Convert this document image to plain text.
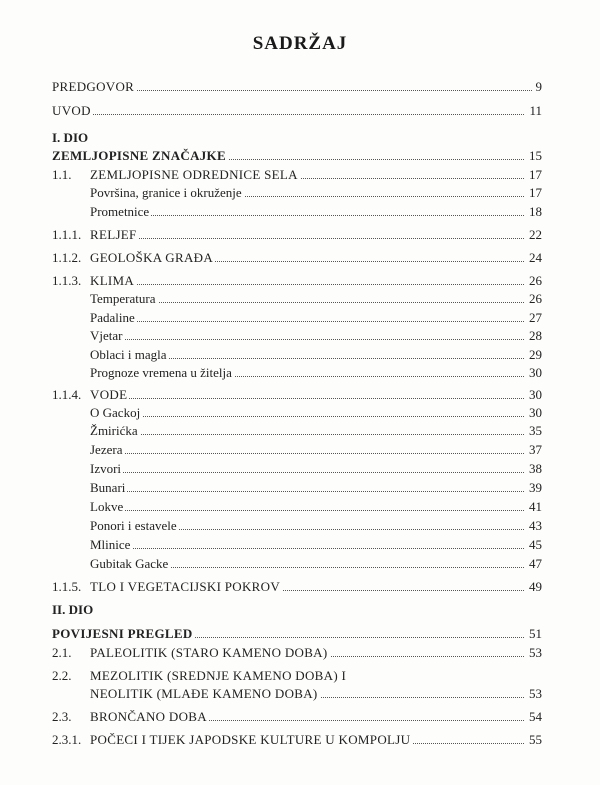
SADRŽAJ
PREDGOVOR	9
UVOD	11
I. DIO
ZEMLJOPISNE ZNAČAJKE	15
1.1. ZEMLJOPISNE ODREDNICE SELA	17
Površina, granice i okruženje	17
Prometnice	18
1.1.1. RELJEF	22
1.1.2. GEOLOŠKA GRAĐA	24
1.1.3. KLIMA	26
Temperatura	26
Padaline	27
Vjetar	28
Oblaci i magla	29
Prognoze vremena u žitelja	30
1.1.4. VODE	30
O Gackoj	30
Žmirićka	35
Jezera	37
Izvori	38
Bunari	39
Lokve	41
Ponori i estavele	43
Mlinice	45
Gubitak Gacke	47
1.1.5. TLO I VEGETACIJSKI POKROV	49
II. DIO
POVIJESNI PREGLED	51
2.1. PALEOLITIK (STARO KAMENO DOBA)	53
2.2. MEZOLITIK (SREDNJE KAMENO DOBA) I
NEOLITIK (MLAĐE KAMENO DOBA)	53
2.3. BRONČANO DOBA	54
2.3.1. POČECI I TIJEK JAPODSKE KULTURE U KOMPOLJU	55
